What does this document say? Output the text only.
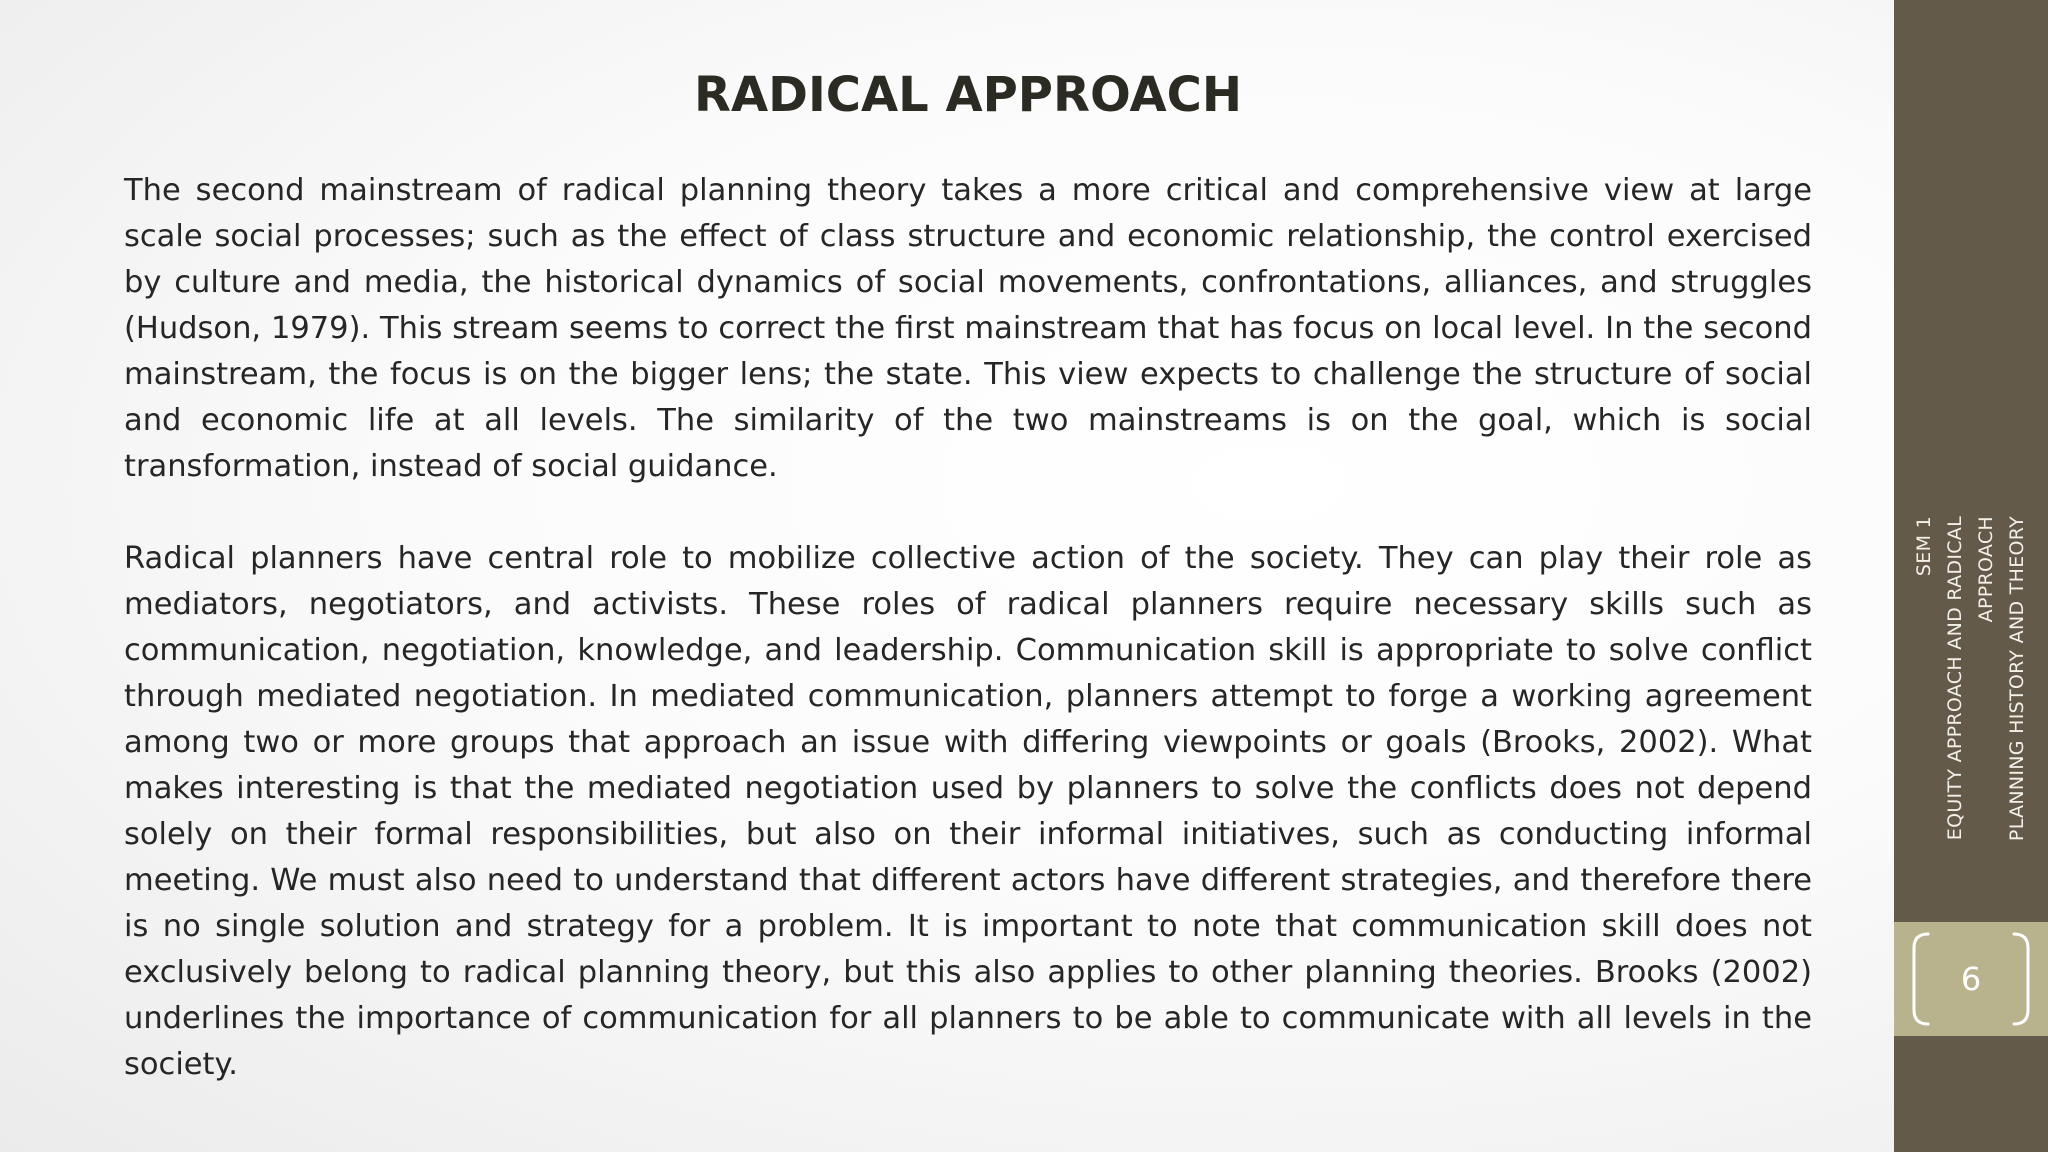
RADICAL APPROACH

The second mainstream of radical planning theory takes a more critical and comprehensive view at large scale social processes; such as the effect of class structure and economic relationship, the control exercised by culture and media, the historical dynamics of social movements, confrontations, alliances, and struggles (Hudson, 1979). This stream seems to correct the first mainstream that has focus on local level. In the second mainstream, the focus is on the bigger lens; the state. This view expects to challenge the structure of social and economic life at all levels. The similarity of the two mainstreams is on the goal, which is social transformation, instead of social guidance.

Radical planners have central role to mobilize collective action of the society. They can play their role as mediators, negotiators, and activists. These roles of radical planners require necessary skills such as communication, negotiation, knowledge, and leadership. Communication skill is appropriate to solve conflict through mediated negotiation. In mediated communication, planners attempt to forge a working agreement among two or more groups that approach an issue with differing viewpoints or goals (Brooks, 2002). What makes interesting is that the mediated negotiation used by planners to solve the conflicts does not depend solely on their formal responsibilities, but also on their informal initiatives, such as conducting informal meeting. We must also need to understand that different actors have different strategies, and therefore there is no single solution and strategy for a problem. It is important to note that communication skill does not exclusively belong to radical planning theory, but this also applies to other planning theories. Brooks (2002) underlines the importance of communication for all planners to be able to communicate with all levels in the society.

SEM 1 EQUITY APPROACH AND RADICAL APPROACH PLANNING HISTORY AND THEORY
6
